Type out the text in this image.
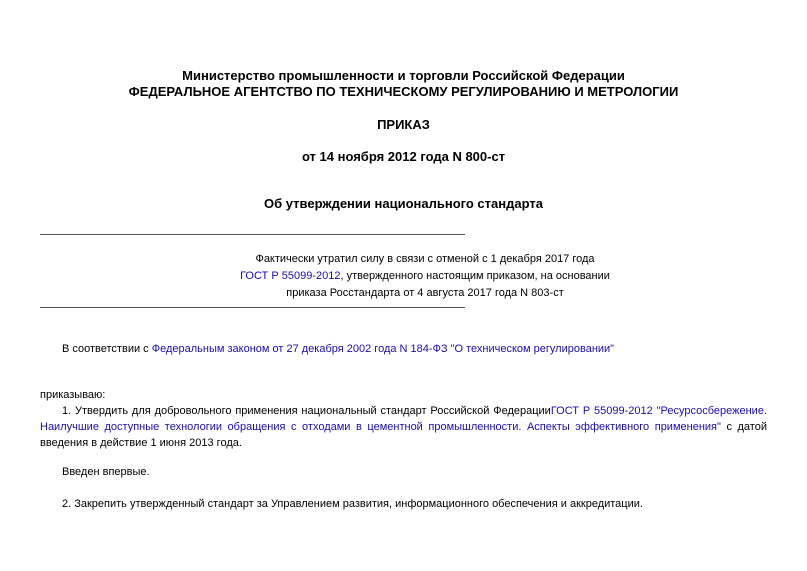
Министерство промышленности и торговли Российской Федерации
ФЕДЕРАЛЬНОЕ АГЕНТСТВО ПО ТЕХНИЧЕСКОМУ РЕГУЛИРОВАНИЮ И МЕТРОЛОГИИ
ПРИКАЗ
от 14 ноября 2012 года N 800-ст
Об утверждении национального стандарта
Фактически утратил силу в связи с отменой с 1 декабря 2017 года
ГОСТ Р 55099-2012, утвержденного настоящим приказом, на основании
приказа Росстандарта от 4 августа 2017 года N 803-ст
В соответствии с Федеральным законом от 27 декабря 2002 года N 184-ФЗ "О техническом регулировании"
приказываю:
1. Утвердить для добровольного применения национальный стандарт Российской ФедерацииГОСТ Р 55099-2012 "Ресурсосбережение. Наилучшие доступные технологии обращения с отходами в цементной промышленности. Аспекты эффективного применения" с датой введения в действие 1 июня 2013 года.
Введен впервые.
2. Закрепить утвержденный стандарт за Управлением развития, информационного обеспечения и аккредитации.
